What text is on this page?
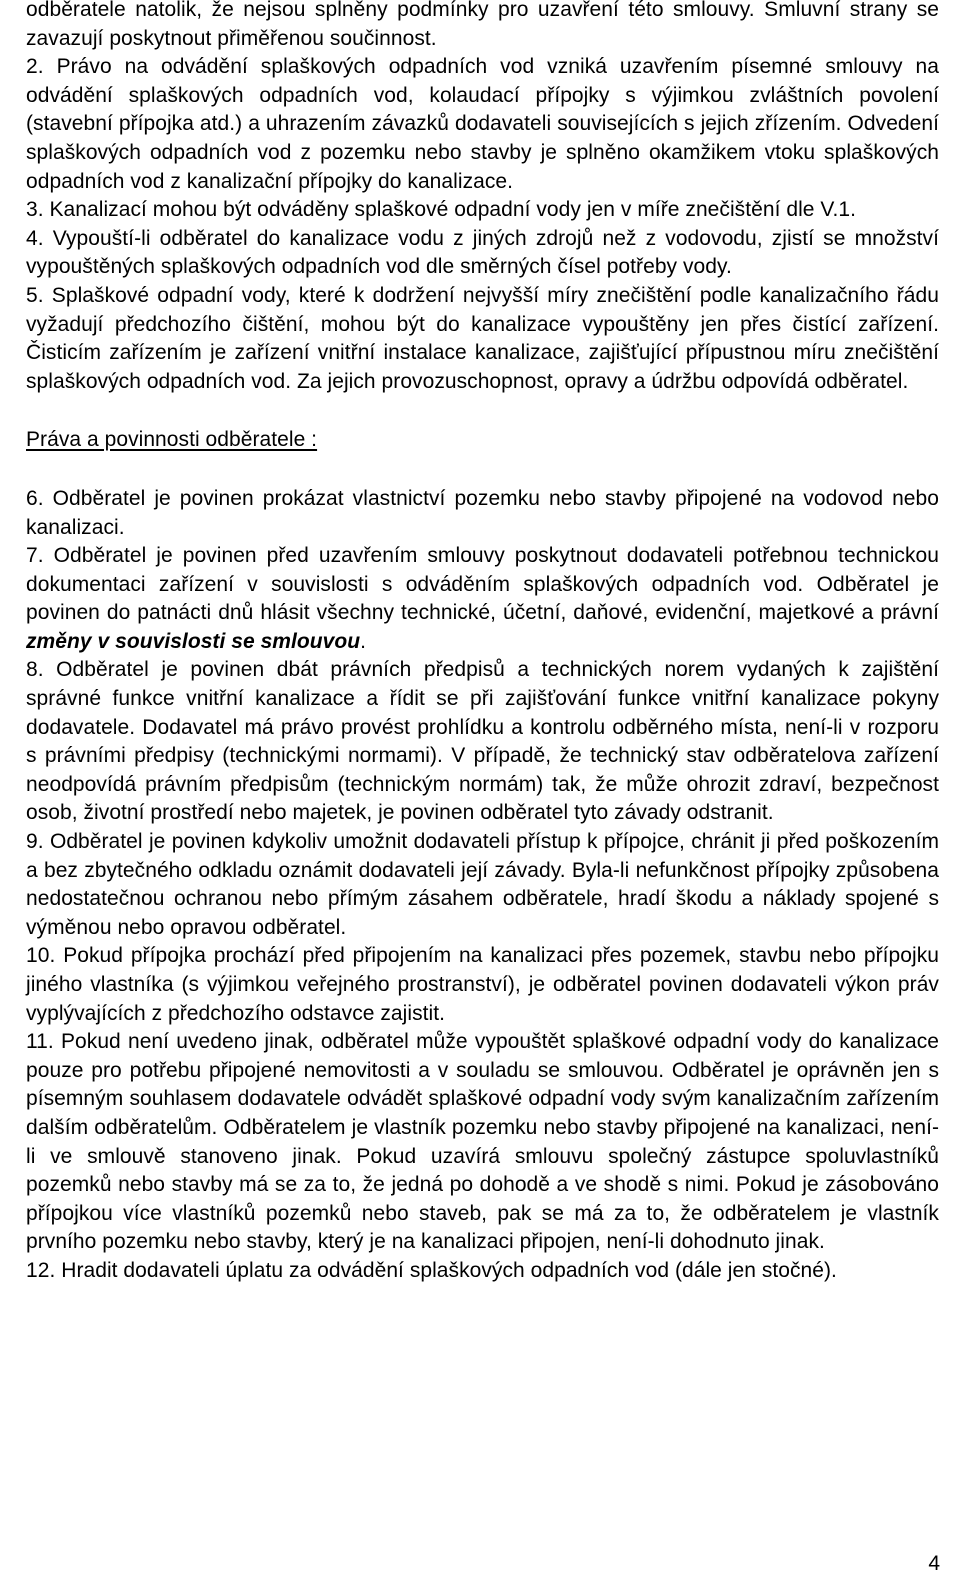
odběratele natolik, že nejsou splněny podmínky pro uzavření této smlouvy. Smluvní strany se zavazují poskytnout přiměřenou součinnost.

2. Právo na odvádění splaškových odpadních vod vzniká uzavřením písemné smlouvy na odvádění splaškových odpadních vod, kolaudací přípojky s výjimkou zvláštních povolení (stavební přípojka atd.) a uhrazením závazků dodavateli souvisejících s jejich zřízením. Odvedení splaškových odpadních vod z pozemku nebo stavby je splněno okamžikem vtoku splaškových odpadních vod z kanalizační přípojky do kanalizace.

3. Kanalizací mohou být odváděny splaškové odpadní vody jen v míře znečištění dle V.1.

4. Vypouští-li odběratel do kanalizace vodu z jiných zdrojů než z vodovodu, zjistí se množství vypouštěných splaškových odpadních vod dle směrných čísel potřeby vody.

5. Splaškové odpadní vody, které k dodržení nejvyšší míry znečištění podle kanalizačního řádu vyžadují předchozího čištění, mohou být do kanalizace vypouštěny jen přes čistící zařízení. Čisticím zařízením je zařízení vnitřní instalace kanalizace, zajišťující přípustnou míru znečištění splaškových odpadních vod. Za jejich provozuschopnost, opravy a údržbu odpovídá odběratel.

Práva a povinnosti odběratele :

6. Odběratel je povinen prokázat vlastnictví pozemku nebo stavby připojené na vodovod nebo kanalizaci.

7. Odběratel je povinen před uzavřením smlouvy poskytnout dodavateli potřebnou technickou dokumentaci zařízení v souvislosti s odváděním splaškových odpadních vod. Odběratel je povinen do patnácti dnů hlásit všechny technické, účetní, daňové, evidenční, majetkové a právní změny v souvislosti se smlouvou.

8. Odběratel je povinen dbát právních předpisů a technických norem vydaných k zajištění správné funkce vnitřní kanalizace a řídit se při zajišťování funkce vnitřní kanalizace pokyny dodavatele. Dodavatel má právo provést prohlídku a kontrolu odběrného místa, není-li v rozporu s právními předpisy (technickými normami). V případě, že technický stav odběratelova zařízení neodpovídá právním předpisům (technickým normám) tak, že může ohrozit zdraví, bezpečnost osob, životní prostředí nebo majetek, je povinen odběratel tyto závady odstranit.

9. Odběratel je povinen kdykoliv umožnit dodavateli přístup k přípojce, chránit ji před poškozením a bez zbytečného odkladu oznámit dodavateli její závady. Byla-li nefunkčnost přípojky způsobena nedostatečnou ochranou nebo přímým zásahem odběratele, hradí škodu a náklady spojené s výměnou nebo opravou odběratel.

10. Pokud přípojka prochází před připojením na kanalizaci přes pozemek, stavbu nebo přípojku jiného vlastníka (s výjimkou veřejného prostranství), je odběratel povinen dodavateli výkon práv vyplývajících z předchozího odstavce zajistit.

11. Pokud není uvedeno jinak, odběratel může vypouštět splaškové odpadní vody do kanalizace pouze pro potřebu připojené nemovitosti a v souladu se smlouvou. Odběratel je oprávněn jen s písemným souhlasem dodavatele odvádět splaškové odpadní vody svým kanalizačním zařízením dalším odběratelům. Odběratelem je vlastník pozemku nebo stavby připojené na kanalizaci, není-li ve smlouvě stanoveno jinak. Pokud uzavírá smlouvu společný zástupce spoluvlastníků pozemků nebo stavby má se za to, že jedná po dohodě a ve shodě s nimi. Pokud je zásobováno přípojkou více vlastníků pozemků nebo staveb, pak se má za to, že odběratelem je vlastník prvního pozemku nebo stavby, který je na kanalizaci připojen, není-li dohodnuto jinak.

12. Hradit dodavateli úplatu za odvádění splaškových odpadních vod (dále jen stočné).

4
